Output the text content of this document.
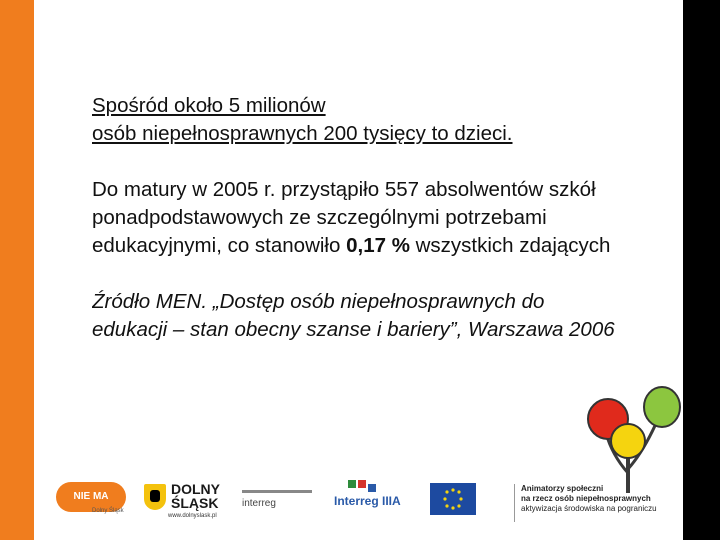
Spośród około 5 milionów
osób niepełnosprawnych 200 tysięcy to dzieci.
Do matury w 2005 r. przystąpiło 557 absolwentów szkół
ponadpodstawowych ze szczególnymi potrzebami
edukacyjnymi, co stanowiło 0,17 % wszystkich zdających
Źródło MEN. „Dostęp osób niepełnosprawnych do
edukacji – stan obecny szanse i bariery”, Warszawa 2006
NIE MA BARIER.
Dolny Śląsk
DOLNY
ŚLĄSK
www.dolnyslask.pl
interreg	Interreg IIIA
Animatorzy społeczni
na rzecz osób niepełnosprawnych
aktywizacja środowiska na pograniczu
